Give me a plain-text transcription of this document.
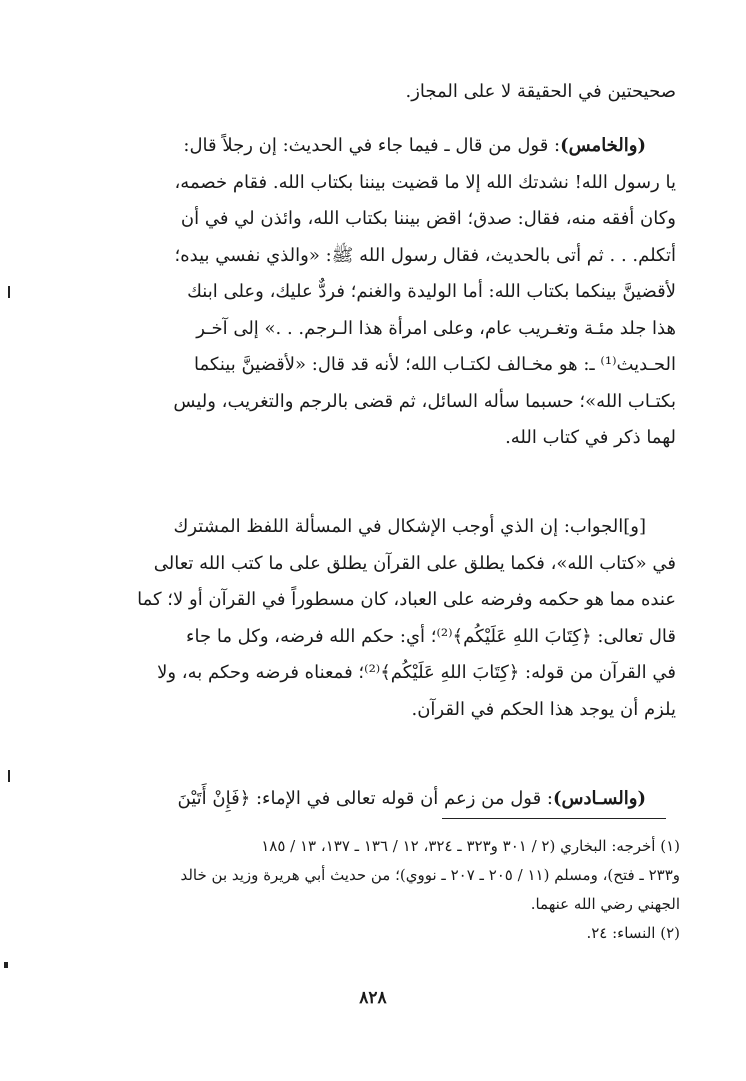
صحيحتين في الحقيقة لا على المجاز.

(والخامس): قول من قال ـ فيما جاء في الحديث: إن رجلاً قال:
يا رسول الله! نشدتك الله إلا ما قضيت بيننا بكتاب الله. فقام خصمه،
وكان أفقه منه، فقال: صدق؛ اقض بيننا بكتاب الله، وائذن لي في أن
أتكلم. . . ثم أتى بالحديث، فقال رسول الله ﷺ: «والذي نفسي بيده؛
لأقضينَّ بينكما بكتاب الله: أما الوليدة والغنم؛ فردٌّ عليك، وعلى ابنك
هذا جلد مئـة وتغـريب عام، وعلى امرأة هذا الـرجم. . .» إلى آخـر
الحـديث⁽¹⁾ ـ: هو مخـالف لكتـاب الله؛ لأنه قد قال: «لأقضينَّ بينكما
بكتـاب الله»؛ حسبما سأله السائل، ثم قضى بالرجم والتغريب، وليس
لهما ذكر في كتاب الله.

[و]الجواب: إن الذي أوجب الإشكال في المسألة اللفظ المشترك
في «كتاب الله»، فكما يطلق على القرآن يطلق على ما كتب الله تعالى
عنده مما هو حكمه وفرضه على العباد، كان مسطوراً في القرآن أو لا؛ كما
قال تعالى: ﴿كِتَابَ اللهِ عَلَيْكُم﴾⁽²⁾؛ أي: حكم الله فرضه، وكل ما جاء
في القرآن من قوله: ﴿كِتَابَ اللهِ عَلَيْكُم﴾⁽²⁾؛ فمعناه فرضه وحكم به، ولا
يلزم أن يوجد هذا الحكم في القرآن.

(والسـادس): قول من زعم أن قوله تعالى في الإماء: ﴿فَإِنْ أَتَيْنَ

(١) أخرجه: البخاري (٢ / ٣٠١ و٣٢٣ ـ ٣٢٤، ١٢ / ١٣٦ ـ ١٣٧، ١٣ / ١٨٥
و٢٣٣ ـ فتح)، ومسلم (١١ / ٢٠٥ ـ ٢٠٧ ـ نووي)؛ من حديث أبي هريرة وزيد بن خالد
الجهني رضي الله عنهما.
(٢) النساء: ٢٤.
٨٢٨
